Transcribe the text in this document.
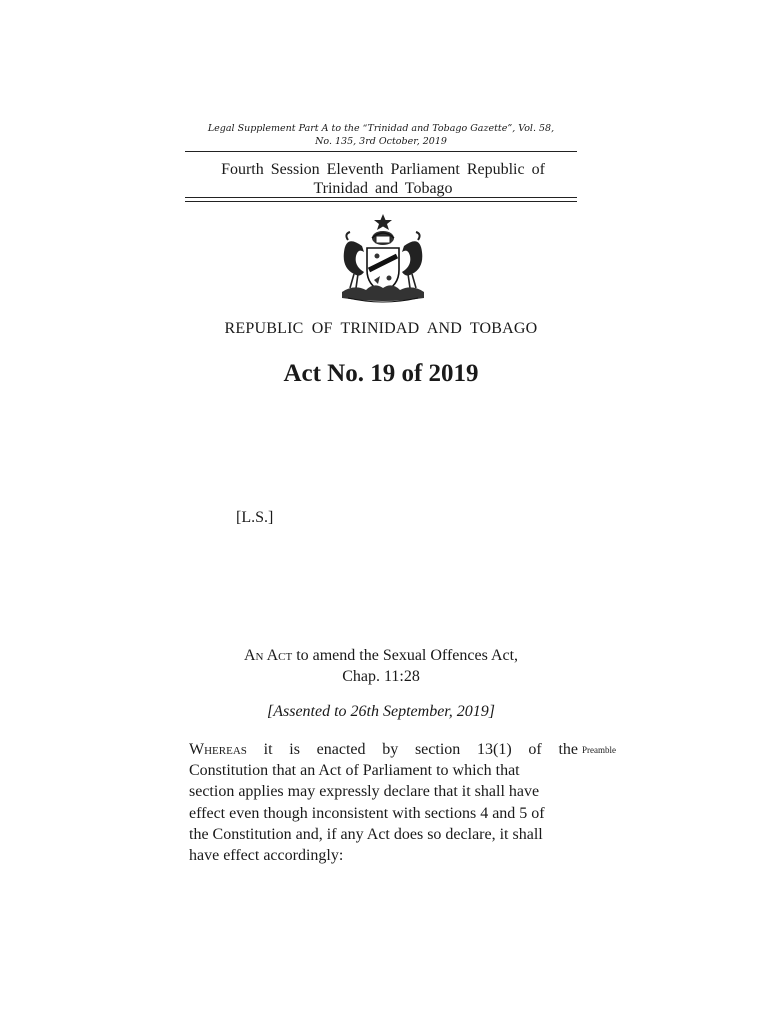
Legal Supplement Part A to the “Trinidad and Tobago Gazette”, Vol. 58,
No. 135, 3rd October, 2019
Fourth Session Eleventh Parliament Republic of
Trinidad and Tobago
REPUBLIC OF TRINIDAD AND TOBAGO
Act No. 19 of 2019
[L.S.]
An Act to amend the Sexual Offences Act,
Chap. 11:28
[Assented to 26th September, 2019]
Whereas it is enacted by section 13(1) of the
Constitution that an Act of Parliament to which that
section applies may expressly declare that it shall have
effect even though inconsistent with sections 4 and 5 of
the Constitution and, if any Act does so declare, it shall
have effect accordingly:
Preamble
